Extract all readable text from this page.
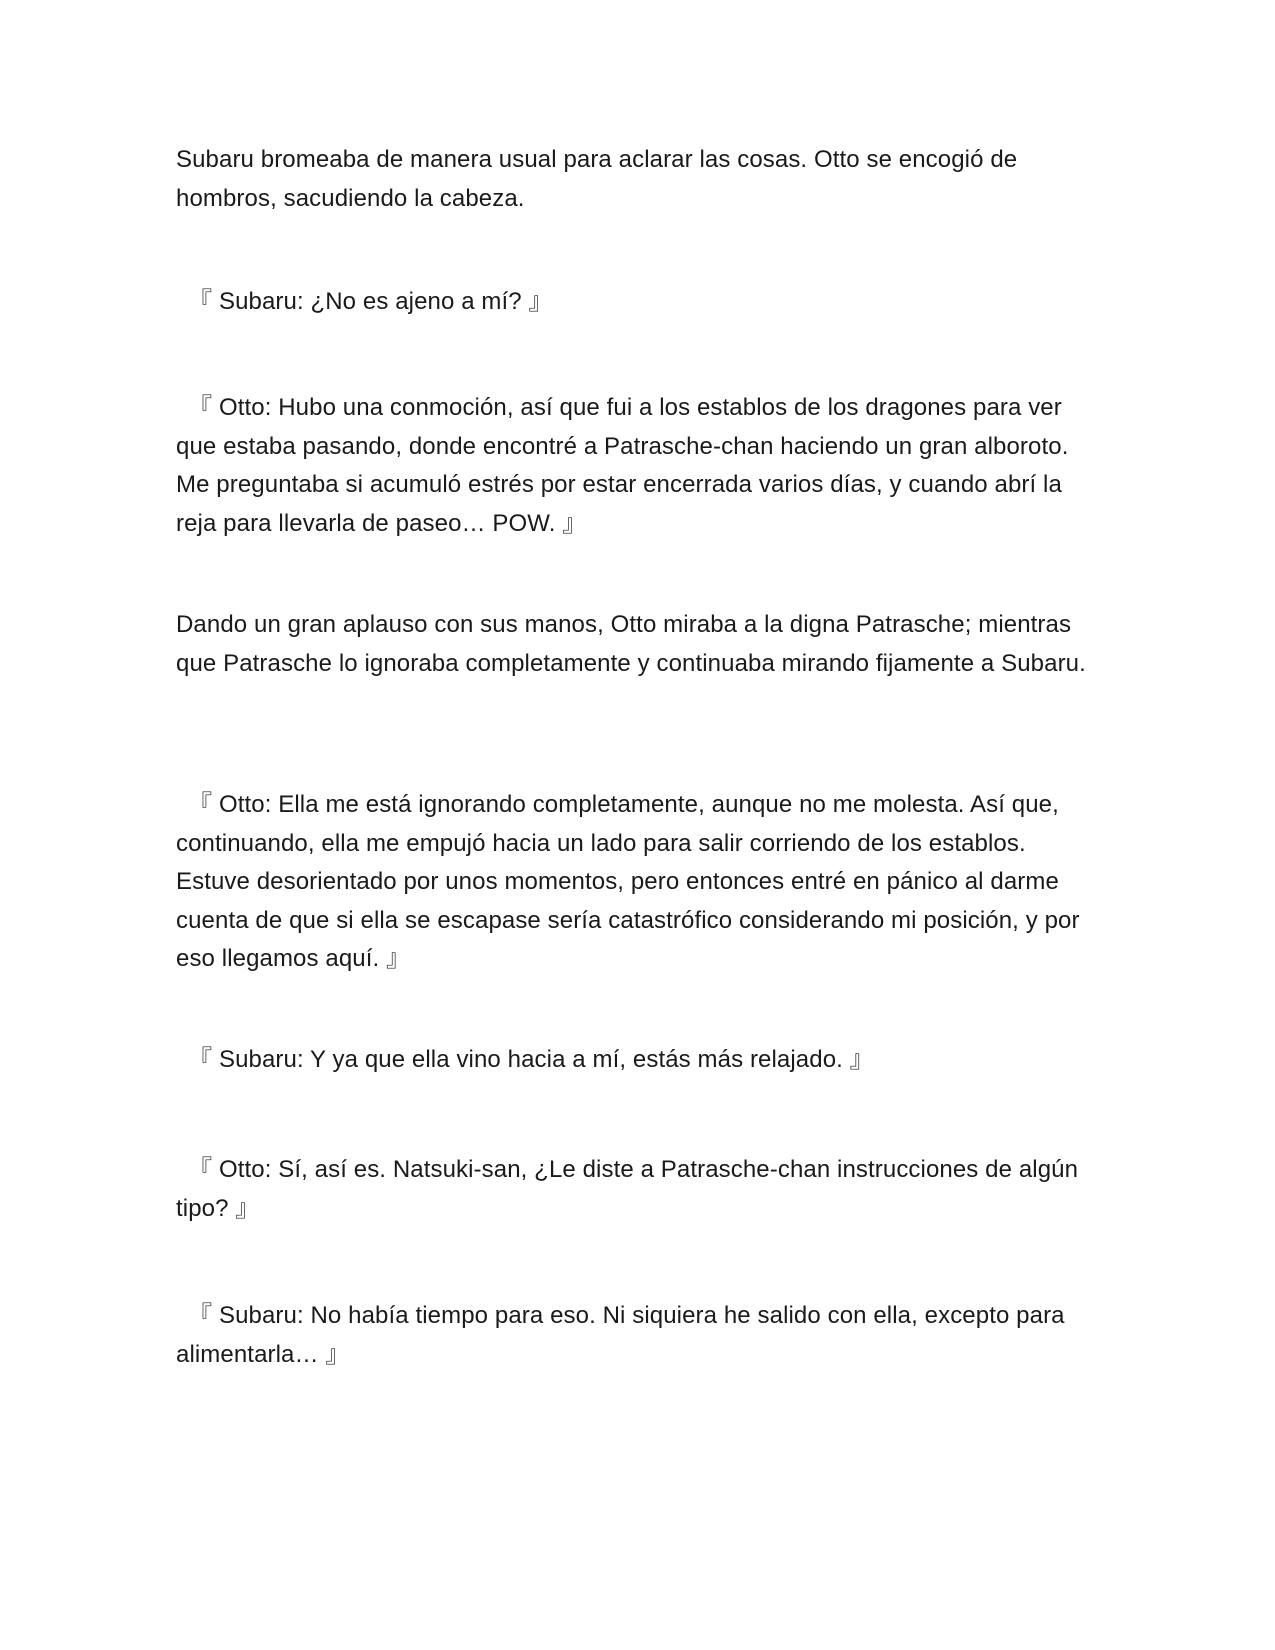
Subaru bromeaba de manera usual para aclarar las cosas. Otto se encogió de hombros, sacudiendo la cabeza.

　『 Subaru: ¿No es ajeno a mí? 』

　『 Otto: Hubo una conmoción, así que fui a los establos de los dragones para ver que estaba pasando, donde encontré a Patrasche-chan haciendo un gran alboroto. Me preguntaba si acumuló estrés por estar encerrada varios días, y cuando abrí la reja para llevarla de paseo… POW. 』

Dando un gran aplauso con sus manos, Otto miraba a la digna Patrasche; mientras que Patrasche lo ignoraba completamente y continuaba mirando fijamente a Subaru.

　『 Otto: Ella me está ignorando completamente, aunque no me molesta. Así que, continuando, ella me empujó hacia un lado para salir corriendo de los establos. Estuve desorientado por unos momentos, pero entonces entré en pánico al darme cuenta de que si ella se escapase sería catastrófico considerando mi posición, y por eso llegamos aquí. 』

　『 Subaru: Y ya que ella vino hacia a mí, estás más relajado. 』

　『 Otto: Sí, así es. Natsuki-san, ¿Le diste a Patrasche-chan instrucciones de algún tipo? 』

　『 Subaru: No había tiempo para eso. Ni siquiera he salido con ella, excepto para alimentarla… 』
